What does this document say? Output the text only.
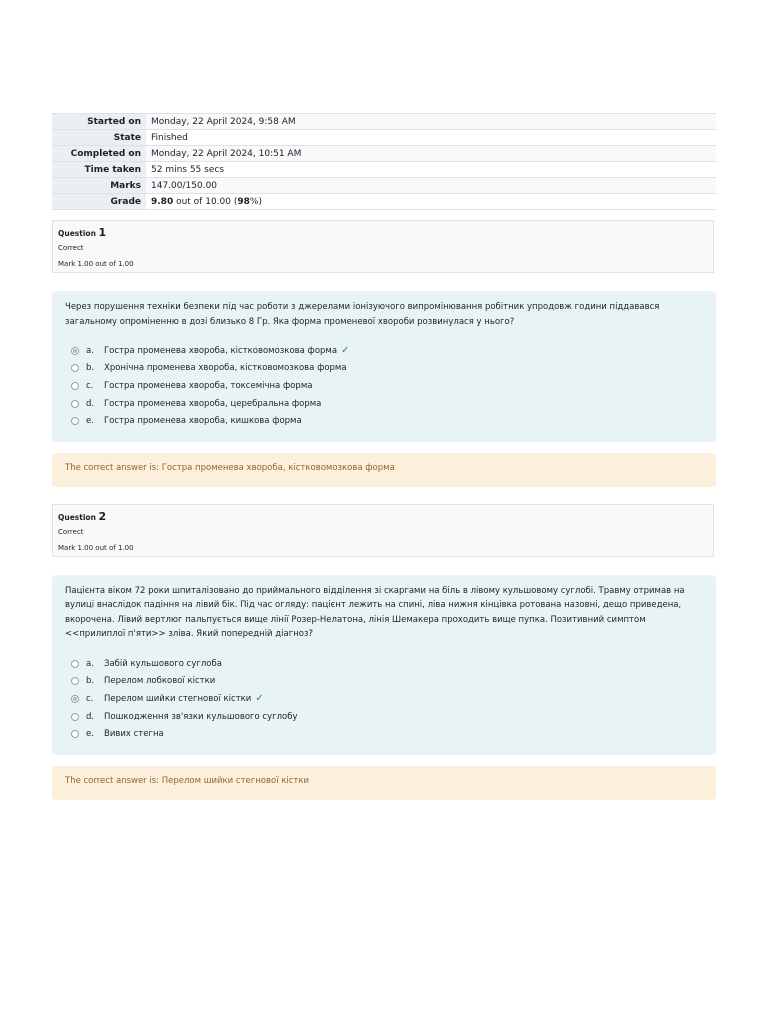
Started on	Monday, 22 April 2024, 9:58 AM
State	Finished
Completed on	Monday, 22 April 2024, 10:51 AM
Time taken	52 mins 55 secs
Marks	147.00/150.00
Grade	9.80 out of 10.00 (98%)
Question 1
Correct
Mark 1.00 out of 1.00
Через порушення техніки безпеки під час роботи з джерелами іонізуючого випромінювання робітник упродовж години піддавався загальному опроміненню в дозі близько 8 Гр. Яка форма променевої хвороби розвинулася у нього?
a.	Гостра променева хвороба, кістковомозкова форма ✓
b.	Хронічна променева хвороба, кістковомозкова форма
c.	Гостра променева хвороба, токсемічна форма
d.	Гостра променева хвороба, церебральна форма
e.	Гостра променева хвороба, кишкова форма
The correct answer is: Гостра променева хвороба, кістковомозкова форма
Question 2
Correct
Mark 1.00 out of 1.00
Пацієнта віком 72 роки шпиталізовано до приймального відділення зі скаргами на біль в лівому кульшовому суглобі. Травму отримав на вулиці внаслідок падіння на лівий бік. Під час огляду: пацієнт лежить на спині, ліва нижня кінцівка ротована назовні, дещо приведена, вкорочена. Лівий вертлюг пальпується вище лінії Розер-Нелатона, лінія Шемакера проходить вище пупка. Позитивний симптом <<прилиплої п'яти>> зліва. Який попередній діагноз?
a.	Забій кульшового суглоба
b.	Перелом лобкової кістки
c.	Перелом шийки стегнової кістки ✓
d.	Пошкодження зв'язки кульшового суглобу
e.	Вивих стегна
The correct answer is: Перелом шийки стегнової кістки
